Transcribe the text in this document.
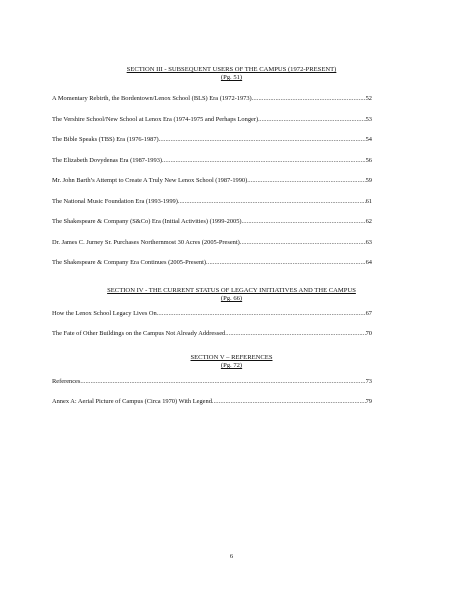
SECTION III - SUBSEQUENT USERS OF THE CAMPUS (1972-PRESENT)
(Pg. 51)
A Momentary Rebirth, the Bordentown/Lenox School (BLS) Era (1972-1973) .....	52
The Vershire School/New School at Lenox Era (1974-1975 and Perhaps Longer) .....	53
The Bible Speaks (TBS) Era (1976-1987) .....	54
The Elizabeth Dovydenas Era (1987-1993) .....	56
Mr. John Barth’s Attempt to Create A Truly New Lenox School (1987-1990) .....	59
The National Music Foundation Era (1993-1999) .....	61
The Shakespeare & Company (S&Co) Era (Initial Activities) (1999-2005) .....	62
Dr. James C. Jurney Sr. Purchases Northernmost 30 Acres (2005-Present) .....	63
The Shakespeare & Company Era Continues (2005-Present) .....	64
SECTION IV - THE CURRENT STATUS OF LEGACY INITIATIVES AND THE CAMPUS
(Pg. 66)
How the Lenox School Legacy Lives On .....	67
The Fate of Other Buildings on the Campus Not Already Addressed .....	70
SECTION V – REFERENCES
(Pg. 72)
References .....	73
Annex A: Aerial Picture of Campus (Circa 1970) With Legend .....	79
6
